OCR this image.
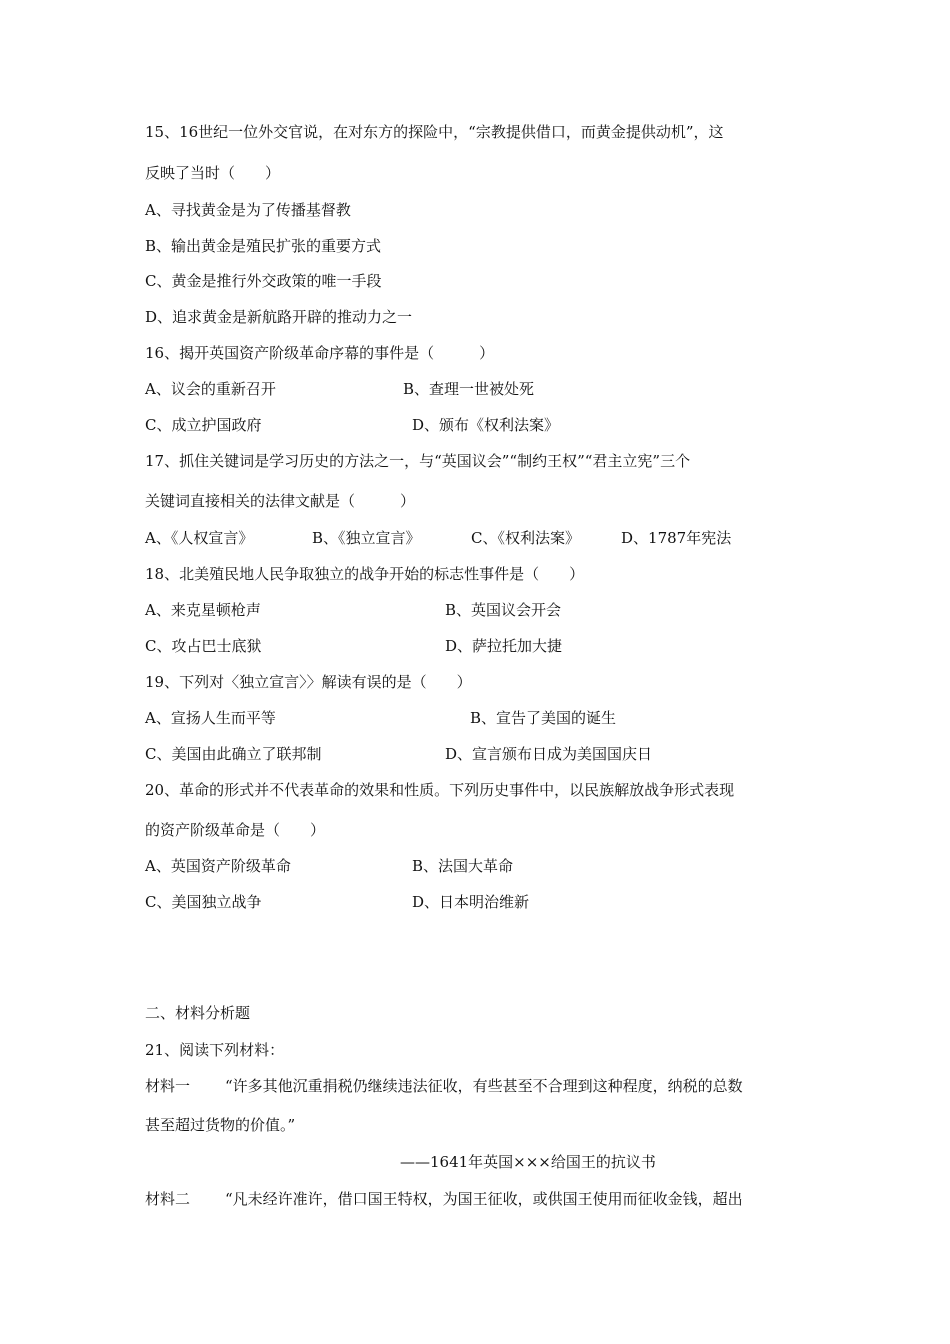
15、16世纪一位外交官说，在对东方的探险中，“宗教提供借口，而黄金提供动机”，这
反映了当时（　　）
A、寻找黄金是为了传播基督教
B、输出黄金是殖民扩张的重要方式
C、黄金是推行外交政策的唯一手段
D、追求黄金是新航路开辟的推动力之一
16、揭开英国资产阶级革命序幕的事件是（　　　）
A、议会的重新召开	B、查理一世被处死
C、成立护国政府	D、颁布《权利法案》
17、抓住关键词是学习历史的方法之一，与“英国议会”“制约王权”“君主立宪”三个
关键词直接相关的法律文献是（　　　）
A、《人权宣言》	B、《独立宣言》	C、《权利法案》	D、1787年宪法
18、北美殖民地人民争取独立的战争开始的标志性事件是（　　）
A、来克星顿枪声	B、英国议会开会
C、攻占巴士底狱	D、萨拉托加大捷
19、下列对〈独立宣言〉〉解读有误的是（　　）
A、宣扬人生而平等	B、宣告了美国的诞生
C、美国由此确立了联邦制	D、宣言颁布日成为美国国庆日
20、革命的形式并不代表革命的效果和性质。下列历史事件中，以民族解放战争形式表现
的资产阶级革命是（　　）
A、英国资产阶级革命	B、法国大革命
C、美国独立战争	D、日本明治维新
二、材料分析题
21、阅读下列材料：
材料一 “许多其他沉重捐税仍继续违法征收，有些甚至不合理到这种程度，纳税的总数
甚至超过货物的价值。”
——1641年英国×××给国王的抗议书
材料二 “凡未经许准许，借口国王特权，为国王征收，或供国王使用而征收金钱，超出
